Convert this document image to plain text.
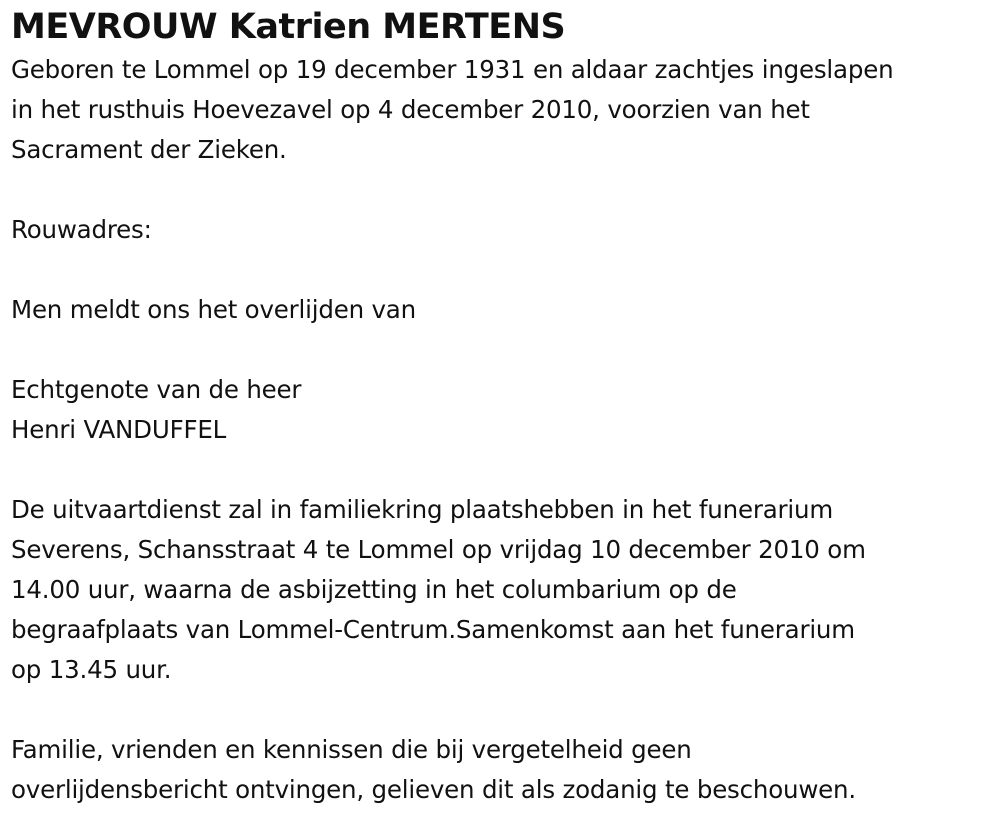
MEVROUW Katrien MERTENS
Geboren te Lommel op 19 december 1931 en aldaar zachtjes ingeslapen
in het rusthuis Hoevezavel op 4 december 2010, voorzien van het
Sacrament der Zieken.
Rouwadres:
Men meldt ons het overlijden van
Echtgenote van de heer
Henri VANDUFFEL
De uitvaartdienst zal in familiekring plaatshebben in het funerarium
Severens, Schansstraat 4 te Lommel op vrijdag 10 december 2010 om
14.00 uur, waarna de asbijzetting in het columbarium op de
begraafplaats van Lommel-Centrum.Samenkomst aan het funerarium
op 13.45 uur.
Familie, vrienden en kennissen die bij vergetelheid geen
overlijdensbericht ontvingen, gelieven dit als zodanig te beschouwen.
